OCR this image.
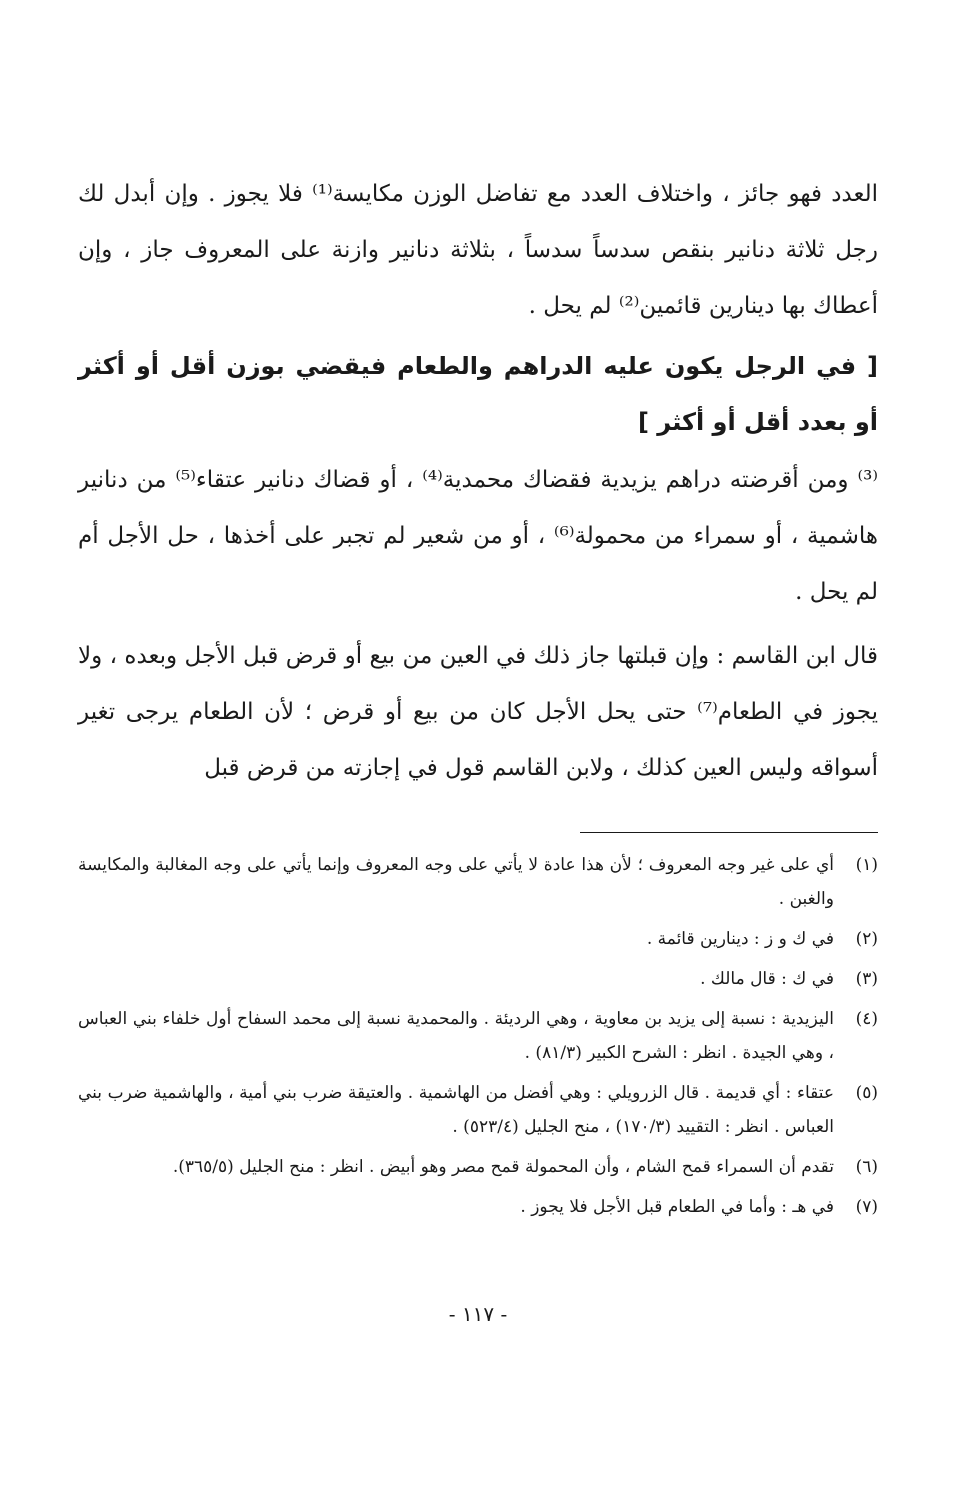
العدد فهو جائز ، واختلاف العدد مع تفاضل الوزن مكايسة⁽¹⁾ فلا يجوز . وإن أبدل لك رجل ثلاثة دنانير بنقص سدساً سدساً ، بثلاثة دنانير وازنة على المعروف جاز ، وإن أعطاك بها دينارين قائمين⁽²⁾ لم يحل .

[ في الرجل يكون عليه الدراهم والطعام فيقضي بوزن أقل أو أكثر أو بعدد أقل أو أكثر ]

⁽³⁾ ومن أقرضته دراهم يزيدية فقضاك محمدية⁽⁴⁾ ، أو قضاك دنانير عتقاء⁽⁵⁾ من دنانير هاشمية ، أو سمراء من محمولة⁽⁶⁾ ، أو من شعير لم تجبر على أخذها ، حل الأجل أم لم يحل .

قال ابن القاسم : وإن قبلتها جاز ذلك في العين من بيع أو قرض قبل الأجل وبعده ، ولا يجوز في الطعام⁽⁷⁾ حتى يحل الأجل كان من بيع أو قرض ؛ لأن الطعام يرجى تغير أسواقه وليس العين كذلك ، ولابن القاسم قول في إجازته من قرض قبل

(١)
أي على غير وجه المعروف ؛ لأن هذا عادة لا يأتي على وجه المعروف وإنما يأتي على وجه المغالبة والمكايسة والغبن .
(٢)
في ك و ز : دينارين قائمة .
(٣)
في ك : قال مالك .
(٤)
اليزيدية : نسبة إلى يزيد بن معاوية ، وهي الرديئة . والمحمدية نسبة إلى محمد السفاح أول خلفاء بني العباس ، وهي الجيدة . انظر : الشرح الكبير (٨١/٣) .
(٥)
عتقاء : أي قديمة . قال الزرويلي : وهي أفضل من الهاشمية . والعتيقة ضرب بني أمية ، والهاشمية ضرب بني العباس . انظر : التقييد (١٧٠/٣) ، منح الجليل (٥٢٣/٤) .
(٦)
تقدم أن السمراء قمح الشام ، وأن المحمولة قمح مصر وهو أبيض . انظر : منح الجليل (٣٦٥/٥).
(٧)
في هـ : وأما في الطعام قبل الأجل فلا يجوز .
- ١١٧ -
